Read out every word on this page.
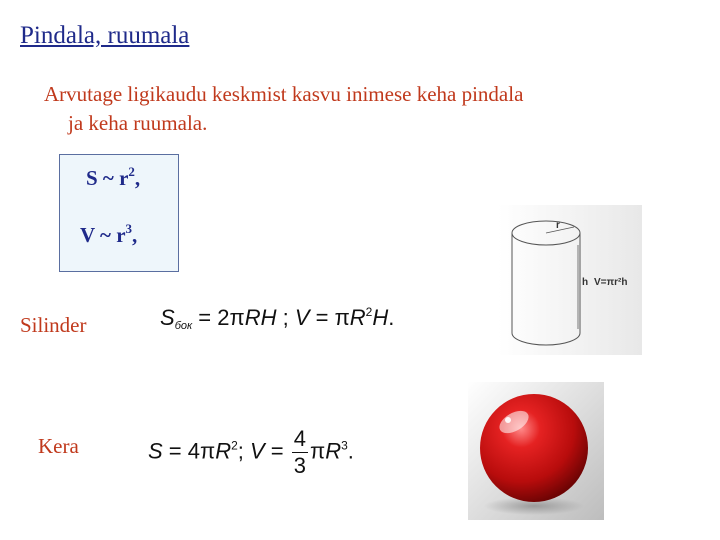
Pindala, ruumala
Arvutage ligikaudu keskmist kasvu inimese keha pindala
ja keha ruumala.
S ~ $r^2$,
V ~ $r^3$,
Silinder	$S_{бок} = 2\pi RH$ ; $V = \pi R^2H$.
r
h V=πr²h
Kera	$S = 4\pi R^2$; $V = \frac{4}{3} \pi R^3$.
